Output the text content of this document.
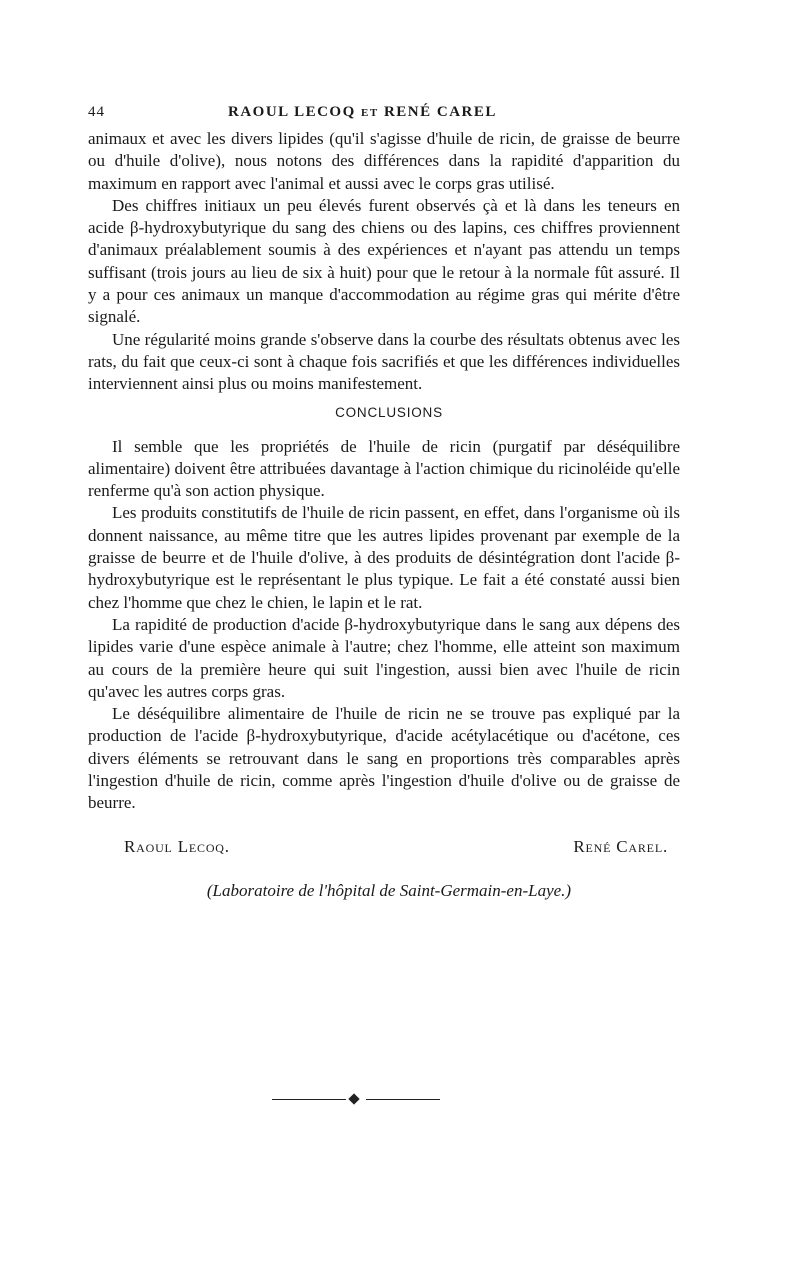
44	RAOUL LECOQ et RENÉ CAREL

animaux et avec les divers lipides (qu'il s'agisse d'huile de ricin, de graisse de beurre ou d'huile d'olive), nous notons des différences dans la rapidité d'apparition du maximum en rapport avec l'animal et aussi avec le corps gras utilisé.

Des chiffres initiaux un peu élevés furent observés çà et là dans les teneurs en acide β-hydroxybutyrique du sang des chiens ou des lapins, ces chiffres proviennent d'animaux préalablement soumis à des expériences et n'ayant pas attendu un temps suffisant (trois jours au lieu de six à huit) pour que le retour à la normale fût assuré. Il y a pour ces animaux un manque d'accommodation au régime gras qui mérite d'être signalé.

Une régularité moins grande s'observe dans la courbe des résultats obtenus avec les rats, du fait que ceux-ci sont à chaque fois sacrifiés et que les différences individuelles interviennent ainsi plus ou moins manifestement.

CONCLUSIONS

Il semble que les propriétés de l'huile de ricin (purgatif par déséquilibre alimentaire) doivent être attribuées davantage à l'action chimique du ricinoléide qu'elle renferme qu'à son action physique.

Les produits constitutifs de l'huile de ricin passent, en effet, dans l'organisme où ils donnent naissance, au même titre que les autres lipides provenant par exemple de la graisse de beurre et de l'huile d'olive, à des produits de désintégration dont l'acide β-hydroxybutyrique est le représentant le plus typique. Le fait a été constaté aussi bien chez l'homme que chez le chien, le lapin et le rat.

La rapidité de production d'acide β-hydroxybutyrique dans le sang aux dépens des lipides varie d'une espèce animale à l'autre; chez l'homme, elle atteint son maximum au cours de la première heure qui suit l'ingestion, aussi bien avec l'huile de ricin qu'avec les autres corps gras.

Le déséquilibre alimentaire de l'huile de ricin ne se trouve pas expliqué par la production de l'acide β-hydroxybutyrique, d'acide acétylacétique ou d'acétone, ces divers éléments se retrouvant dans le sang en proportions très comparables après l'ingestion d'huile de ricin, comme après l'ingestion d'huile d'olive ou de graisse de beurre.

Raoul Lecoq.	René Carel.
(Laboratoire de l'hôpital de Saint-Germain-en-Laye.)
